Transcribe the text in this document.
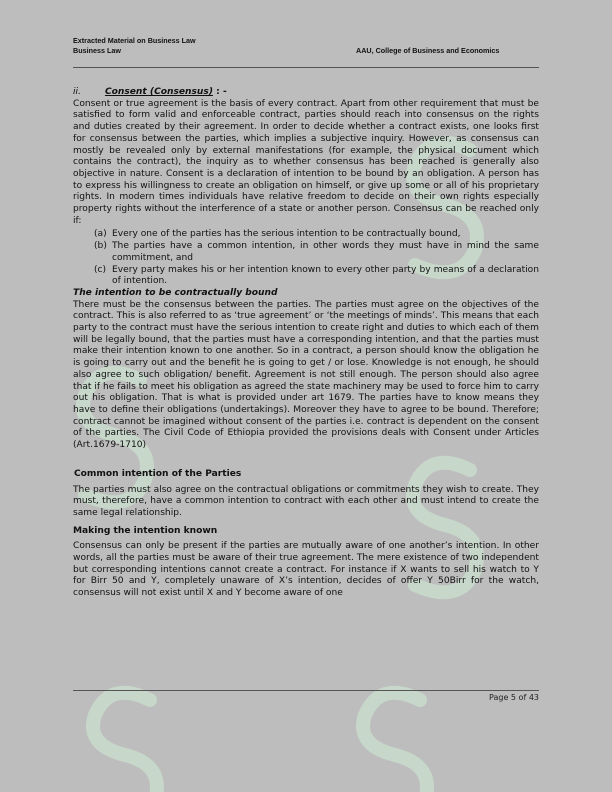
Extracted Material on Business Law
Business Law	AAU, College of Business and Economics

ii.	Consent (Consensus) : -

Consent or true agreement is the basis of every contract. Apart from other requirement that must be satisfied to form valid and enforceable contract, parties should reach into consensus on the rights and duties created by their agreement. In order to decide whether a contract exists, one looks first for consensus between the parties, which implies a subjective inquiry. However, as consensus can mostly be revealed only by external manifestations (for example, the physical document which contains the contract), the inquiry as to whether consensus has been reached is generally also objective in nature. Consent is a declaration of intention to be bound by an obligation. A person has to express his willingness to create an obligation on himself, or give up some or all of his proprietary rights. In modern times individuals have relative freedom to decide on their own rights especially property rights without the interference of a state or another person. Consensus can be reached only if:

(a) Every one of the parties has the serious intention to be contractually bound,
(b) The parties have a common intention, in other words they must have in mind the same commitment, and
(c) Every party makes his or her intention known to every other party by means of a declaration of intention.

The intention to be contractually bound

There must be the consensus between the parties. The parties must agree on the objectives of the contract. This is also referred to as ‘true agreement’ or ‘the meetings of minds’. This means that each party to the contract must have the serious intention to create right and duties to which each of them will be legally bound, that the parties must have a corresponding intention, and that the parties must make their intention known to one another. So in a contract, a person should know the obligation he is going to carry out and the benefit he is going to get / or lose. Knowledge is not enough, he should also agree to such obligation/ benefit. Agreement is not still enough. The person should also agree that if he fails to meet his obligation as agreed the state machinery may be used to force him to carry out his obligation. That is what is provided under art 1679. The parties have to know means they have to define their obligations (undertakings). Moreover they have to agree to be bound. Therefore; contract cannot be imagined without consent of the parties i.e. contract is dependent on the consent of the parties. The Civil Code of Ethiopia provided the provisions deals with Consent under Articles (Art.1679-1710)

Common intention of the Parties

The parties must also agree on the contractual obligations or commitments they wish to create. They must, therefore, have a common intention to contract with each other and must intend to create the same legal relationship.

Making the intention known

Consensus can only be present if the parties are mutually aware of one another’s intention. In other words, all the parties must be aware of their true agreement. The mere existence of two independent but corresponding intentions cannot create a contract. For instance if X wants to sell his watch to Y for Birr 50 and Y, completely unaware of X’s intention, decides of offer Y 50Birr for the watch, consensus will not exist until X and Y become aware of one

Page 5 of 43
